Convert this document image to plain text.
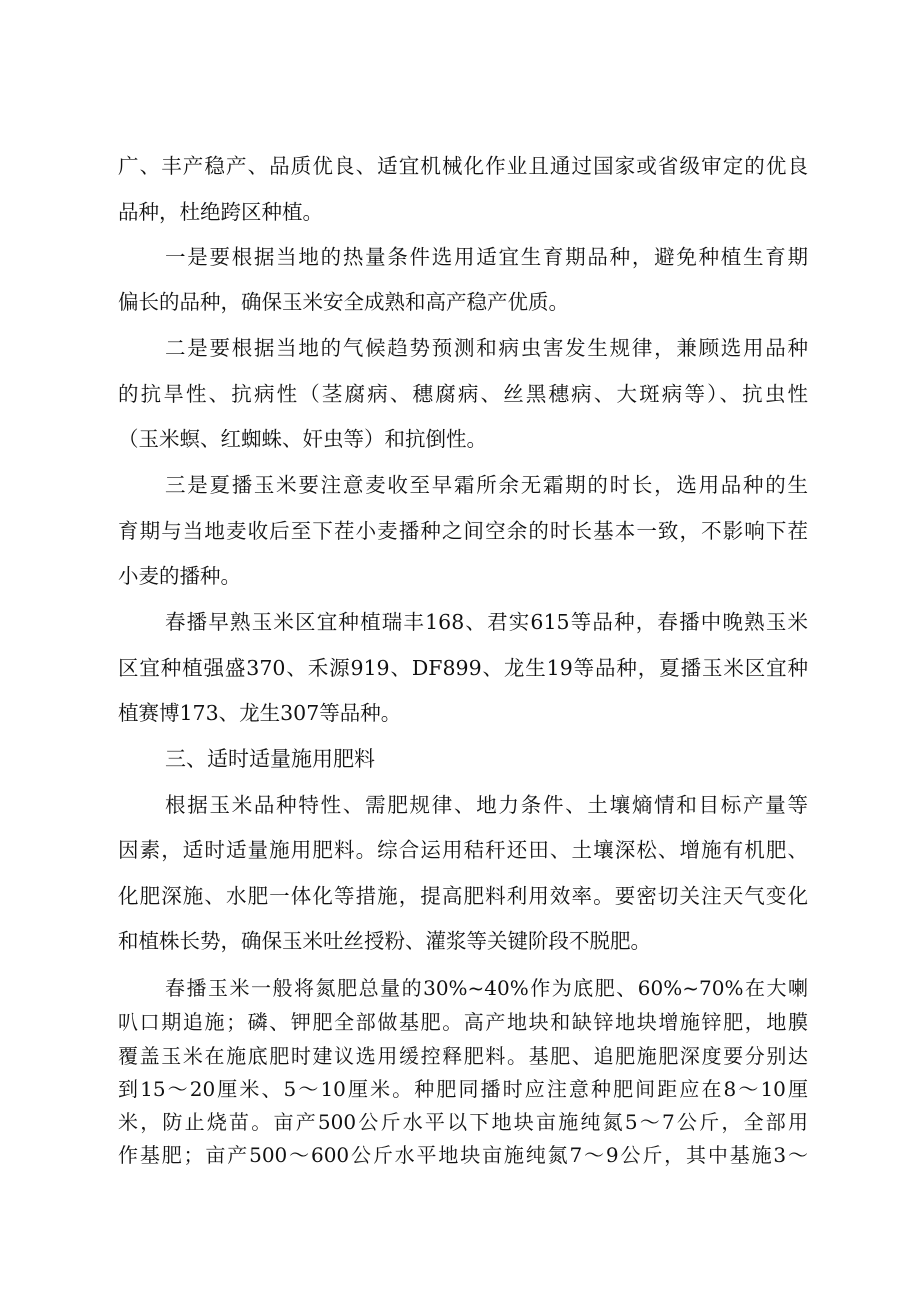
广、丰产稳产、品质优良、适宜机械化作业且通过国家或省级审定的优良
品种，杜绝跨区种植。
一是要根据当地的热量条件选用适宜生育期品种，避免种植生育期
偏长的品种，确保玉米安全成熟和高产稳产优质。
二是要根据当地的气候趋势预测和病虫害发生规律，兼顾选用品种
的抗旱性、抗病性（茎腐病、穗腐病、丝黑穗病、大斑病等）、抗虫性
（玉米螟、红蜘蛛、奸虫等）和抗倒性。
三是夏播玉米要注意麦收至早霜所余无霜期的时长，选用品种的生
育期与当地麦收后至下茬小麦播种之间空余的时长基本一致，不影响下茬
小麦的播种。
春播早熟玉米区宜种植瑞丰168、君实615等品种，春播中晚熟玉米
区宜种植强盛370、禾源919、DF899、龙生19等品种，夏播玉米区宜种
植赛博173、龙生307等品种。
三、适时适量施用肥料
根据玉米品种特性、需肥规律、地力条件、土壤熵情和目标产量等
因素，适时适量施用肥料。综合运用秸秆还田、土壤深松、增施有机肥、
化肥深施、水肥一体化等措施，提高肥料利用效率。要密切关注天气变化
和植株长势，确保玉米吐丝授粉、灌浆等关键阶段不脱肥。
春播玉米一般将氮肥总量的30%~40%作为底肥、60%~70%在大喇
叭口期追施；磷、钾肥全部做基肥。高产地块和缺锌地块增施锌肥，地膜
覆盖玉米在施底肥时建议选用缓控释肥料。基肥、追肥施肥深度要分别达
到15～20厘米、5～10厘米。种肥同播时应注意种肥间距应在8～10厘
米，防止烧苗。亩产500公斤水平以下地块亩施纯氮5～7公斤，全部用
作基肥；亩产500～600公斤水平地块亩施纯氮7～9公斤，其中基施3～
